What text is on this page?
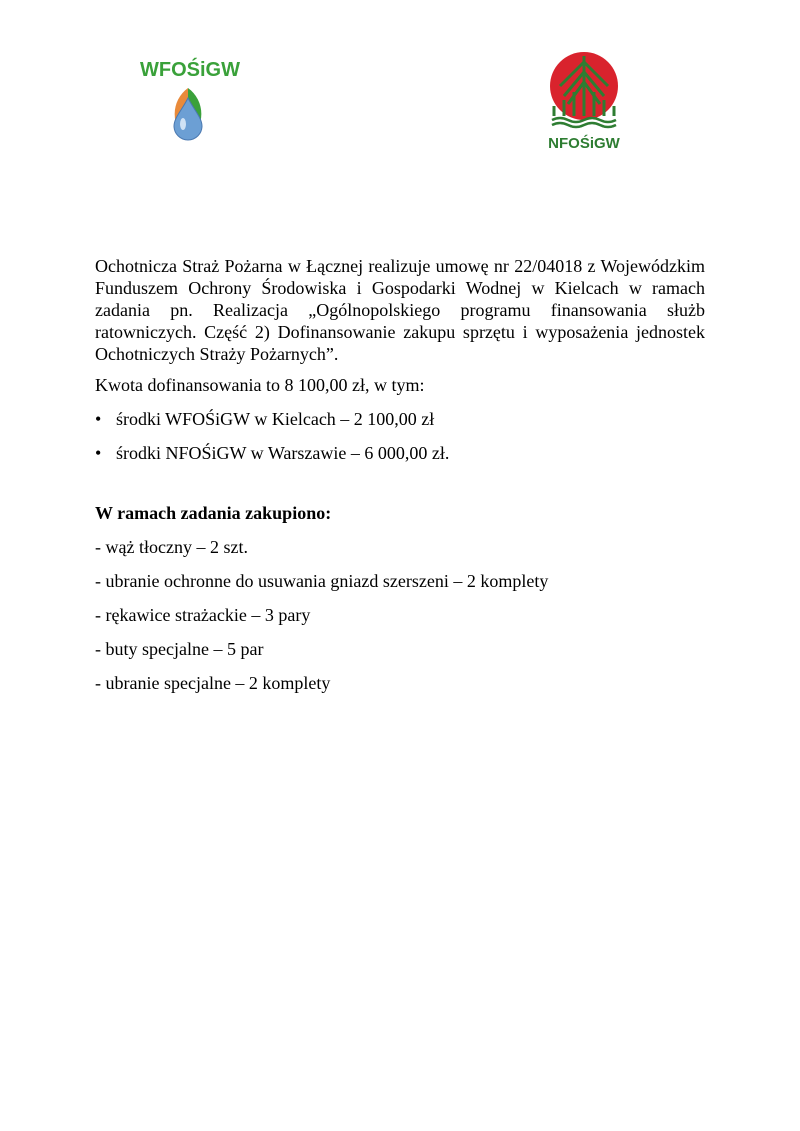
WFOŚiGW
NFOŚiGW

Ochotnicza Straż Pożarna w Łącznej realizuje umowę nr 22/04018 z Wojewódzkim Funduszem Ochrony Środowiska i Gospodarki Wodnej w Kielcach w ramach zadania pn. Realizacja „Ogólnopolskiego programu finansowania służb ratowniczych. Część 2) Dofinansowanie zakupu sprzętu i wyposażenia jednostek Ochotniczych Straży Pożarnych”.

Kwota dofinansowania to 8 100,00 zł, w tym:

• środki WFOŚiGW w Kielcach – 2 100,00 zł
• środki NFOŚiGW w Warszawie – 6 000,00 zł.

W ramach zadania zakupiono:

- wąż tłoczny – 2 szt.
- ubranie ochronne do usuwania gniazd szerszeni – 2 komplety
- rękawice strażackie – 3 pary
- buty specjalne – 5 par
- ubranie specjalne – 2 komplety
